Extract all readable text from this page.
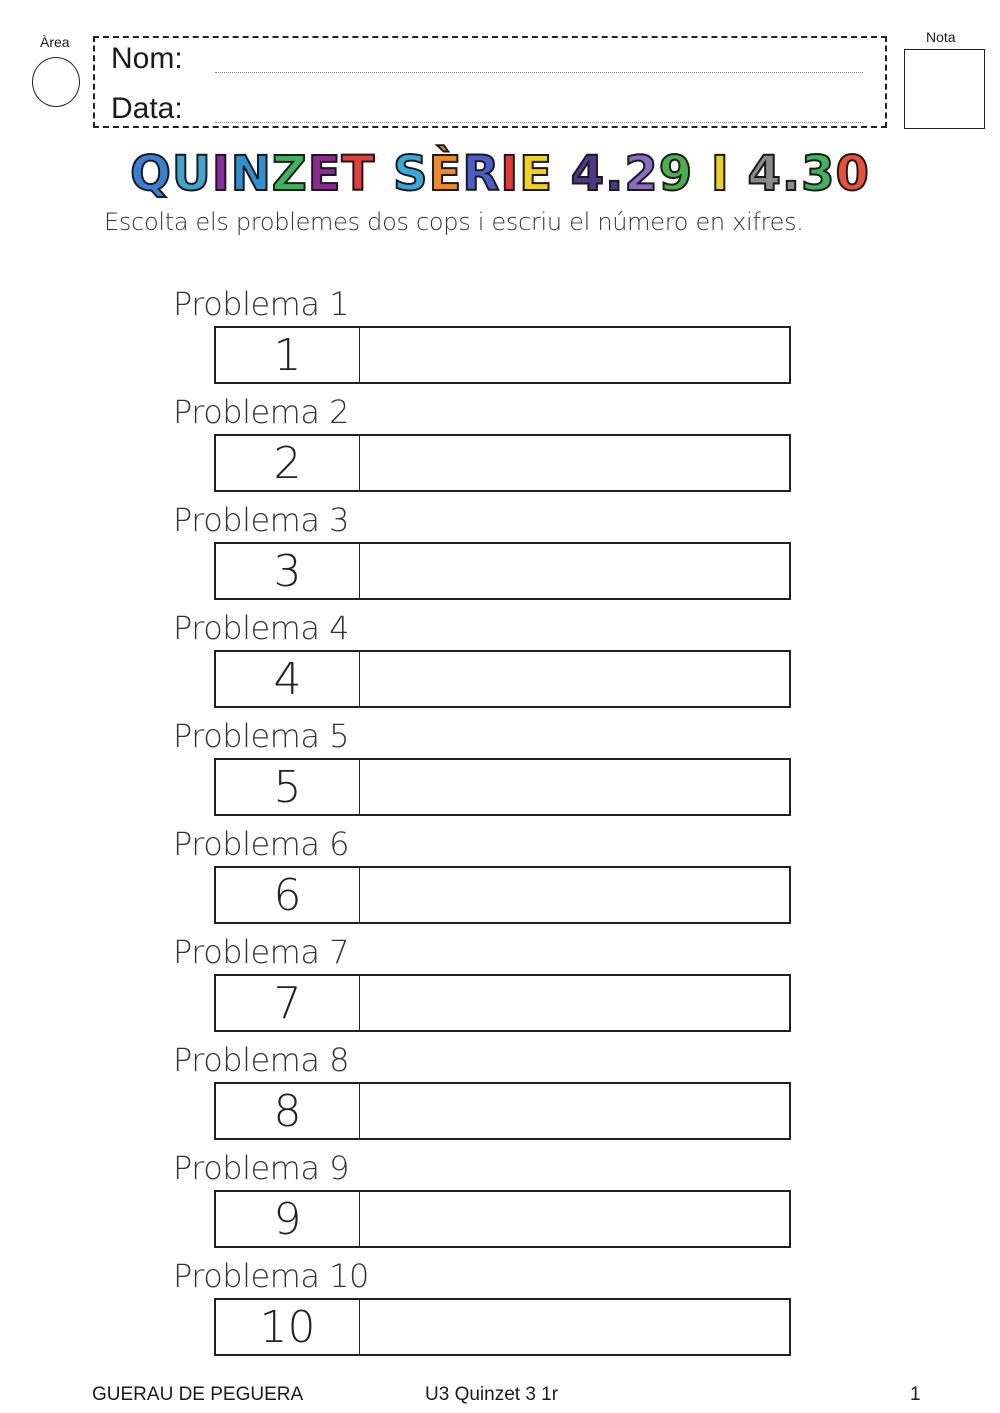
Àrea Nom:
Data:
Nota
QUINZET SÈRIE 4.29 I 4.30
Escolta els problemes dos cops i escriu el número en xifres.
Problema 1
1
Problema 2
2
Problema 3
3
Problema 4
4
Problema 5
5
Problema 6
6
Problema 7
7
Problema 8
8
Problema 9
9
Problema 10
10
GUERAU DE PEGUERA	U3 Quinzet 3 1r	1
